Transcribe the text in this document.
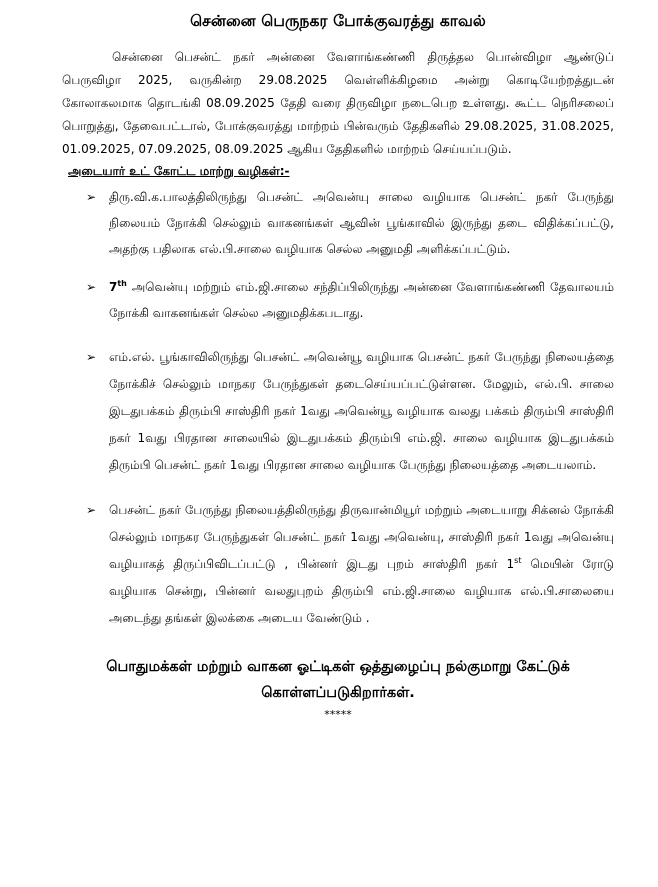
சென்னை பெருநகர போக்குவரத்து காவல்

சென்னை பெசன்ட் நகர் அன்னை வேளாங்கண்ணி திருத்தல பொன்விழா ஆண்டுப் பெருவிழா 2025, வருகின்ற 29.08.2025 வெள்ளிக்கிழமை அன்று கொடியேற்றத்துடன் கோலாகலமாக தொடங்கி 08.09.2025 தேதி வரை திருவிழா நடைபெற உள்ளது. கூட்ட நெரிசலைப் பொறுத்து, தேவைபட்டால், போக்குவரத்து மாற்றம் பின்வரும் தேதிகளில் 29.08.2025, 31.08.2025, 01.09.2025, 07.09.2025, 08.09.2025 ஆகிய தேதிகளில் மாற்றம் செய்யப்படும்.

அடையார் உட் கோட்ட மாற்று வழிகள்:-
➢ திரு.வி.க.பாலத்திலிருந்து பெசன்ட் அவென்யு சாலை வழியாக பெசன்ட் நகர் பேருந்து நிலையம் நோக்கி செல்லும் வாகனங்கள் ஆவின் பூங்காவில் இருந்து தடை விதிக்கப்பட்டு, அதற்கு பதிலாக எல்.பி.சாலை வழியாக செல்ல அனுமதி அளிக்கப்பட்டும்.
➢ 7th அவென்யு மற்றும் எம்.ஜி.சாலை சந்திப்பிலிருந்து அன்னை வேளாங்கண்ணி தேவாலயம் நோக்கி வாகனங்கள் செல்ல அனுமதிக்கபடாது.
➢ எம்.எல். பூங்காவிலிருந்து பெசன்ட் அவென்யூ வழியாக பெசன்ட் நகர் பேருந்து நிலையத்தை நோக்கிச் செல்லும் மாநகர பேருந்துகள் தடைசெய்யப்பட்டுள்ளன. மேலும், எல்.பி. சாலை இடதுபக்கம் திரும்பி சாஸ்திரி நகர் 1வது அவென்யூ வழியாக வலது பக்கம் திரும்பி சாஸ்திரி நகர் 1வது பிரதான சாலையில் இடதுபக்கம் திரும்பி எம்.ஜி. சாலை வழியாக இடதுபக்கம் திரும்பி பெசன்ட் நகர் 1வது பிரதான சாலை வழியாக பேருந்து நிலையத்தை அடையலாம்.
➢ பெசன்ட் நகர் பேருந்து நிலையத்திலிருந்து திருவான்மியூர் மற்றும் அடையாறு சிக்னல் நோக்கி செல்லும் மாநகர பேருந்துகள் பெசன்ட் நகர் 1வது அவென்யு, சாஸ்திரி நகர் 1வது அவென்யு வழியாகத் திருப்பிவிடப்பட்டு , பின்னர் இடது புறம் சாஸ்திரி நகர் 1st மெயின் ரோடு வழியாக சென்று, பின்னர் வலதுபுறம் திரும்பி எம்.ஜி.சாலை வழியாக எல்.பி.சாலையை அடைந்து தங்கள் இலக்கை அடைய வேண்டும் .
பொதுமக்கள் மற்றும் வாகன ஓட்டிகள் ஒத்துழைப்பு நல்குமாறு கேட்டுக் கொள்ளப்படுகிறார்கள்.
*****
